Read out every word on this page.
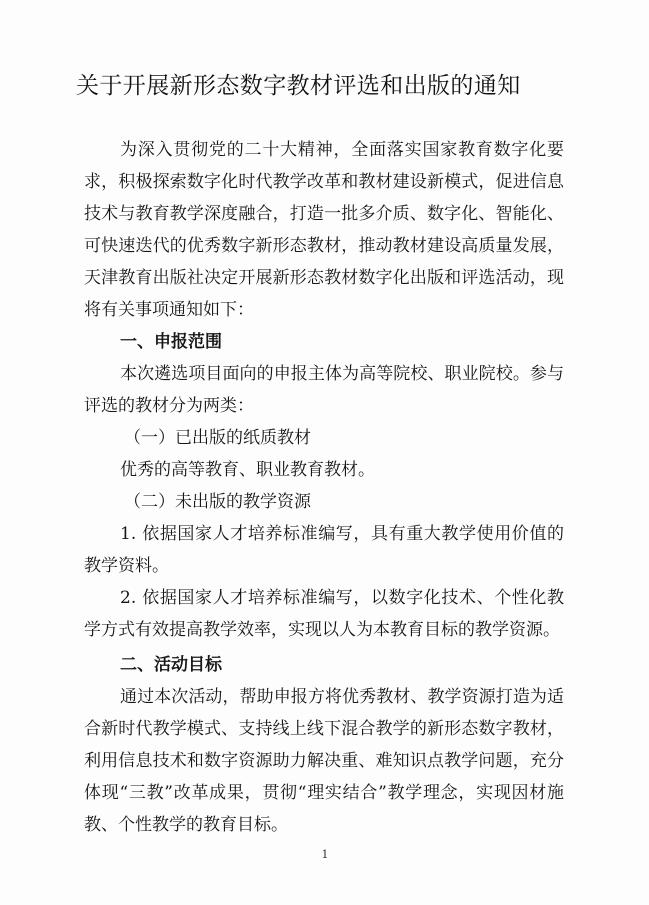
关于开展新形态数字教材评选和出版的通知

为深入贯彻党的二十大精神，全面落实国家教育数字化要求，积极探索数字化时代教学改革和教材建设新模式，促进信息技术与教育教学深度融合，打造一批多介质、数字化、智能化、可快速迭代的优秀数字新形态教材，推动教材建设高质量发展，天津教育出版社决定开展新形态教材数字化出版和评选活动，现将有关事项通知如下：

一、申报范围

本次遴选项目面向的申报主体为高等院校、职业院校。参与评选的教材分为两类：

（一）已出版的纸质教材

优秀的高等教育、职业教育教材。

（二）未出版的教学资源

1. 依据国家人才培养标准编写，具有重大教学使用价值的教学资料。

2. 依据国家人才培养标准编写，以数字化技术、个性化教学方式有效提高教学效率，实现以人为本教育目标的教学资源。

二、活动目标

通过本次活动，帮助申报方将优秀教材、教学资源打造为适合新时代教学模式、支持线上线下混合教学的新形态数字教材，利用信息技术和数字资源助力解决重、难知识点教学问题，充分体现“三教”改革成果，贯彻“理实结合”教学理念，实现因材施教、个性教学的教育目标。

1
